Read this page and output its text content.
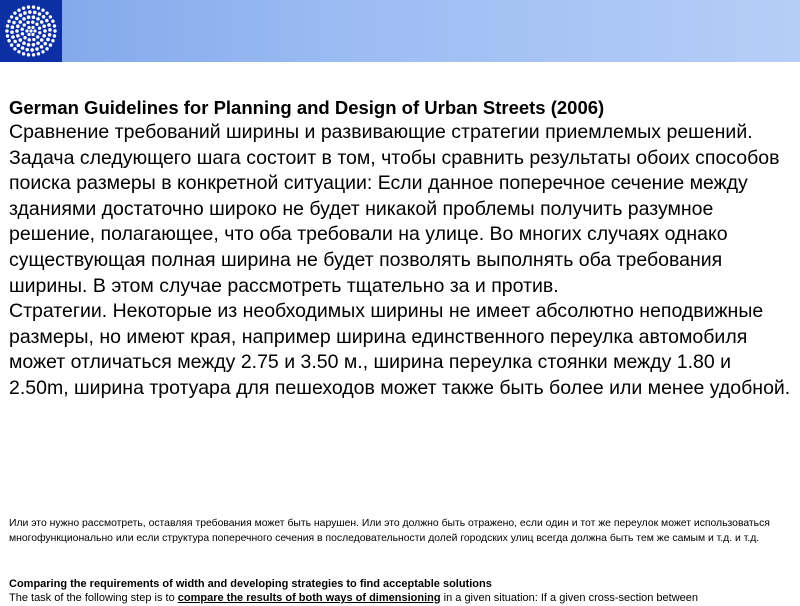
German Guidelines for Planning and Design of Urban Streets (2006)

Сравнение требований ширины и развивающие стратегии приемлемых решений.

Задача следующего шага состоит в том, чтобы сравнить результаты обоих способов поиска размеры в конкретной ситуации: Если данное поперечное сечение между зданиями достаточно широко не будет никакой проблемы получить разумное решение, полагающее, что оба требовали на улице. Во многих случаях однако существующая полная ширина не будет позволять выполнять оба требования ширины. В этом случае рассмотреть тщательно за и против.

Стратегии. Некоторые из необходимых ширины не имеет абсолютно неподвижные размеры, но имеют края, например ширина единственного переулка автомобиля может отличаться между 2.75 и 3.50 м., ширина переулка стоянки между 1.80 и 2.50m, ширина тротуара для пешеходов может также быть более или менее удобной.

Или это нужно рассмотреть, оставляя требования может быть нарушен. Или это должно быть отражено, если один и тот же переулок может использоваться многофункционально или если структура поперечного сечения в последовательности долей городских улиц всегда должна быть тем же самым и т.д. и т.д.

Comparing the requirements of width and developing strategies to find acceptable solutions

The task of the following step is to compare the results of both ways of dimensioning in a given situation: If a given cross-section between
